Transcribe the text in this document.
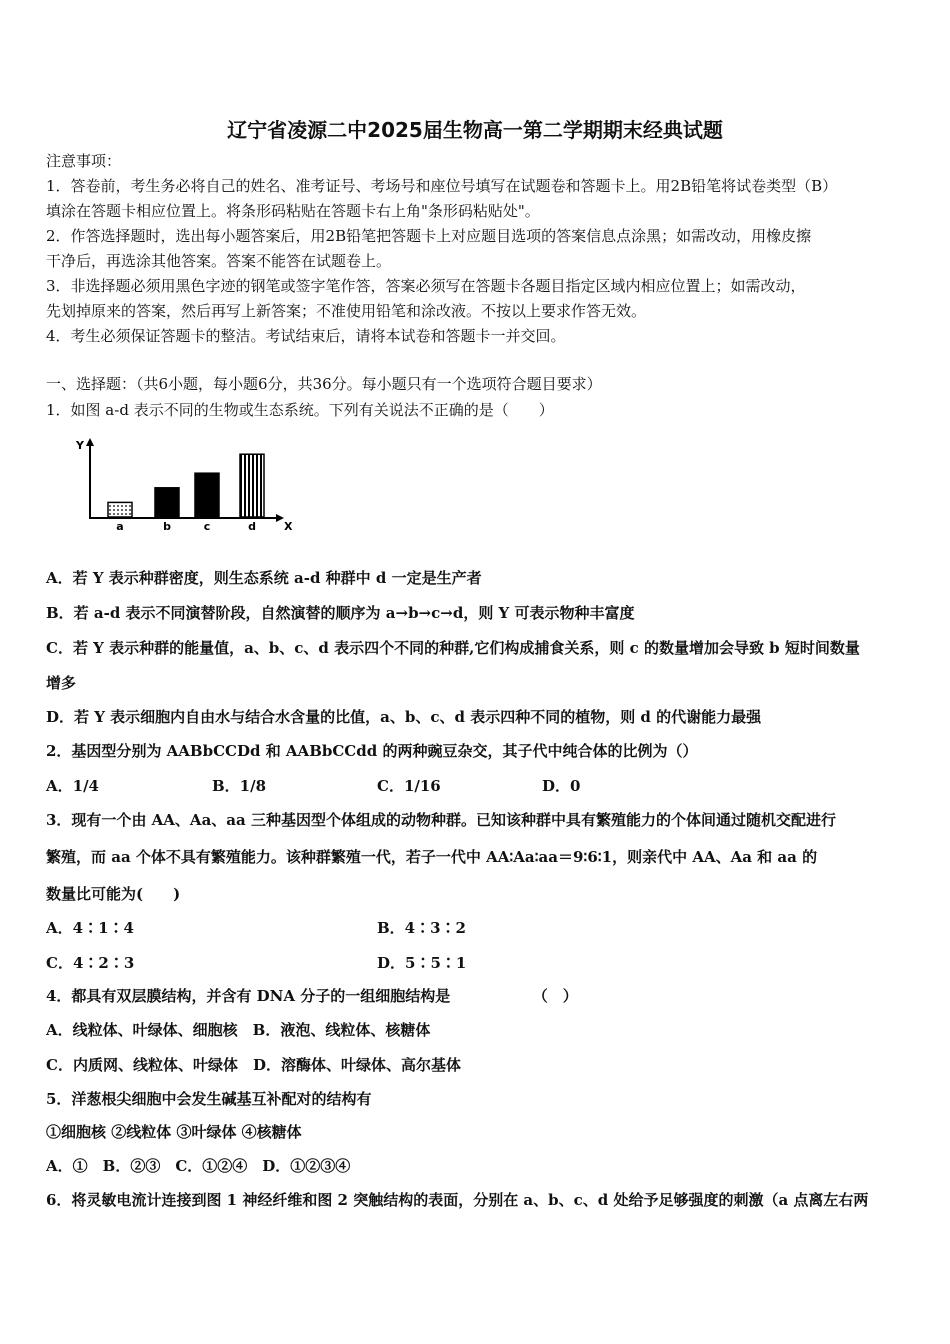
辽宁省凌源二中2025届生物高一第二学期期末经典试题
注意事项：
1．答卷前，考生务必将自己的姓名、准考证号、考场号和座位号填写在试题卷和答题卡上。用2B铅笔将试卷类型（B）
填涂在答题卡相应位置上。将条形码粘贴在答题卡右上角"条形码粘贴处"。
2．作答选择题时，选出每小题答案后，用2B铅笔把答题卡上对应题目选项的答案信息点涂黑；如需改动，用橡皮擦
干净后，再选涂其他答案。答案不能答在试题卷上。
3．非选择题必须用黑色字迹的钢笔或签字笔作答，答案必须写在答题卡各题目指定区域内相应位置上；如需改动，
先划掉原来的答案，然后再写上新答案；不准使用铅笔和涂改液。不按以上要求作答无效。
4．考生必须保证答题卡的整洁。考试结束后，请将本试卷和答题卡一并交回。
一、选择题：（共6小题，每小题6分，共36分。每小题只有一个选项符合题目要求）
1．如图 a-d 表示不同的生物或生态系统。下列有关说法不正确的是（　　）
Y
X
a	b	c	d
A．若 Y 表示种群密度，则生态系统 a-d 种群中 d 一定是生产者
B．若 a-d 表示不同演替阶段，自然演替的顺序为 a→b→c→d，则 Y 可表示物种丰富度
C．若 Y 表示种群的能量值，a、b、c、d 表示四个不同的种群,它们构成捕食关系，则 c 的数量增加会导致 b 短时间数量
增多
D．若 Y 表示细胞内自由水与结合水含量的比值，a、b、c、d 表示四种不同的植物，则 d 的代谢能力最强
2．基因型分别为 AABbCCDd 和 AABbCCdd 的两种豌豆杂交，其子代中纯合体的比例为（）
A．1/4	B．1/8	C．1/16	D．0
3．现有一个由 AA、Aa、aa 三种基因型个体组成的动物种群。已知该种群中具有繁殖能力的个体间通过随机交配进行
繁殖，而 aa 个体不具有繁殖能力。该种群繁殖一代，若子一代中 AA∶Aa∶aa＝9∶6∶1，则亲代中 AA、Aa 和 aa 的
数量比可能为(　　)
A．4∶1∶4	B．4∶3∶2
C．4∶2∶3	D．5∶5∶1
4．都具有双层膜结构，并含有 DNA 分子的一组细胞结构是　　　　　　（　）
A．线粒体、叶绿体、细胞核　B．液泡、线粒体、核糖体
C．内质网、线粒体、叶绿体　D．溶酶体、叶绿体、高尔基体
5．洋葱根尖细胞中会发生碱基互补配对的结构有
①细胞核 ②线粒体 ③叶绿体 ④核糖体
A．①　B．②③　C．①②④　D．①②③④
6．将灵敏电流计连接到图 1 神经纤维和图 2 突触结构的表面，分别在 a、b、c、d 处给予足够强度的刺激（a 点离左右两
